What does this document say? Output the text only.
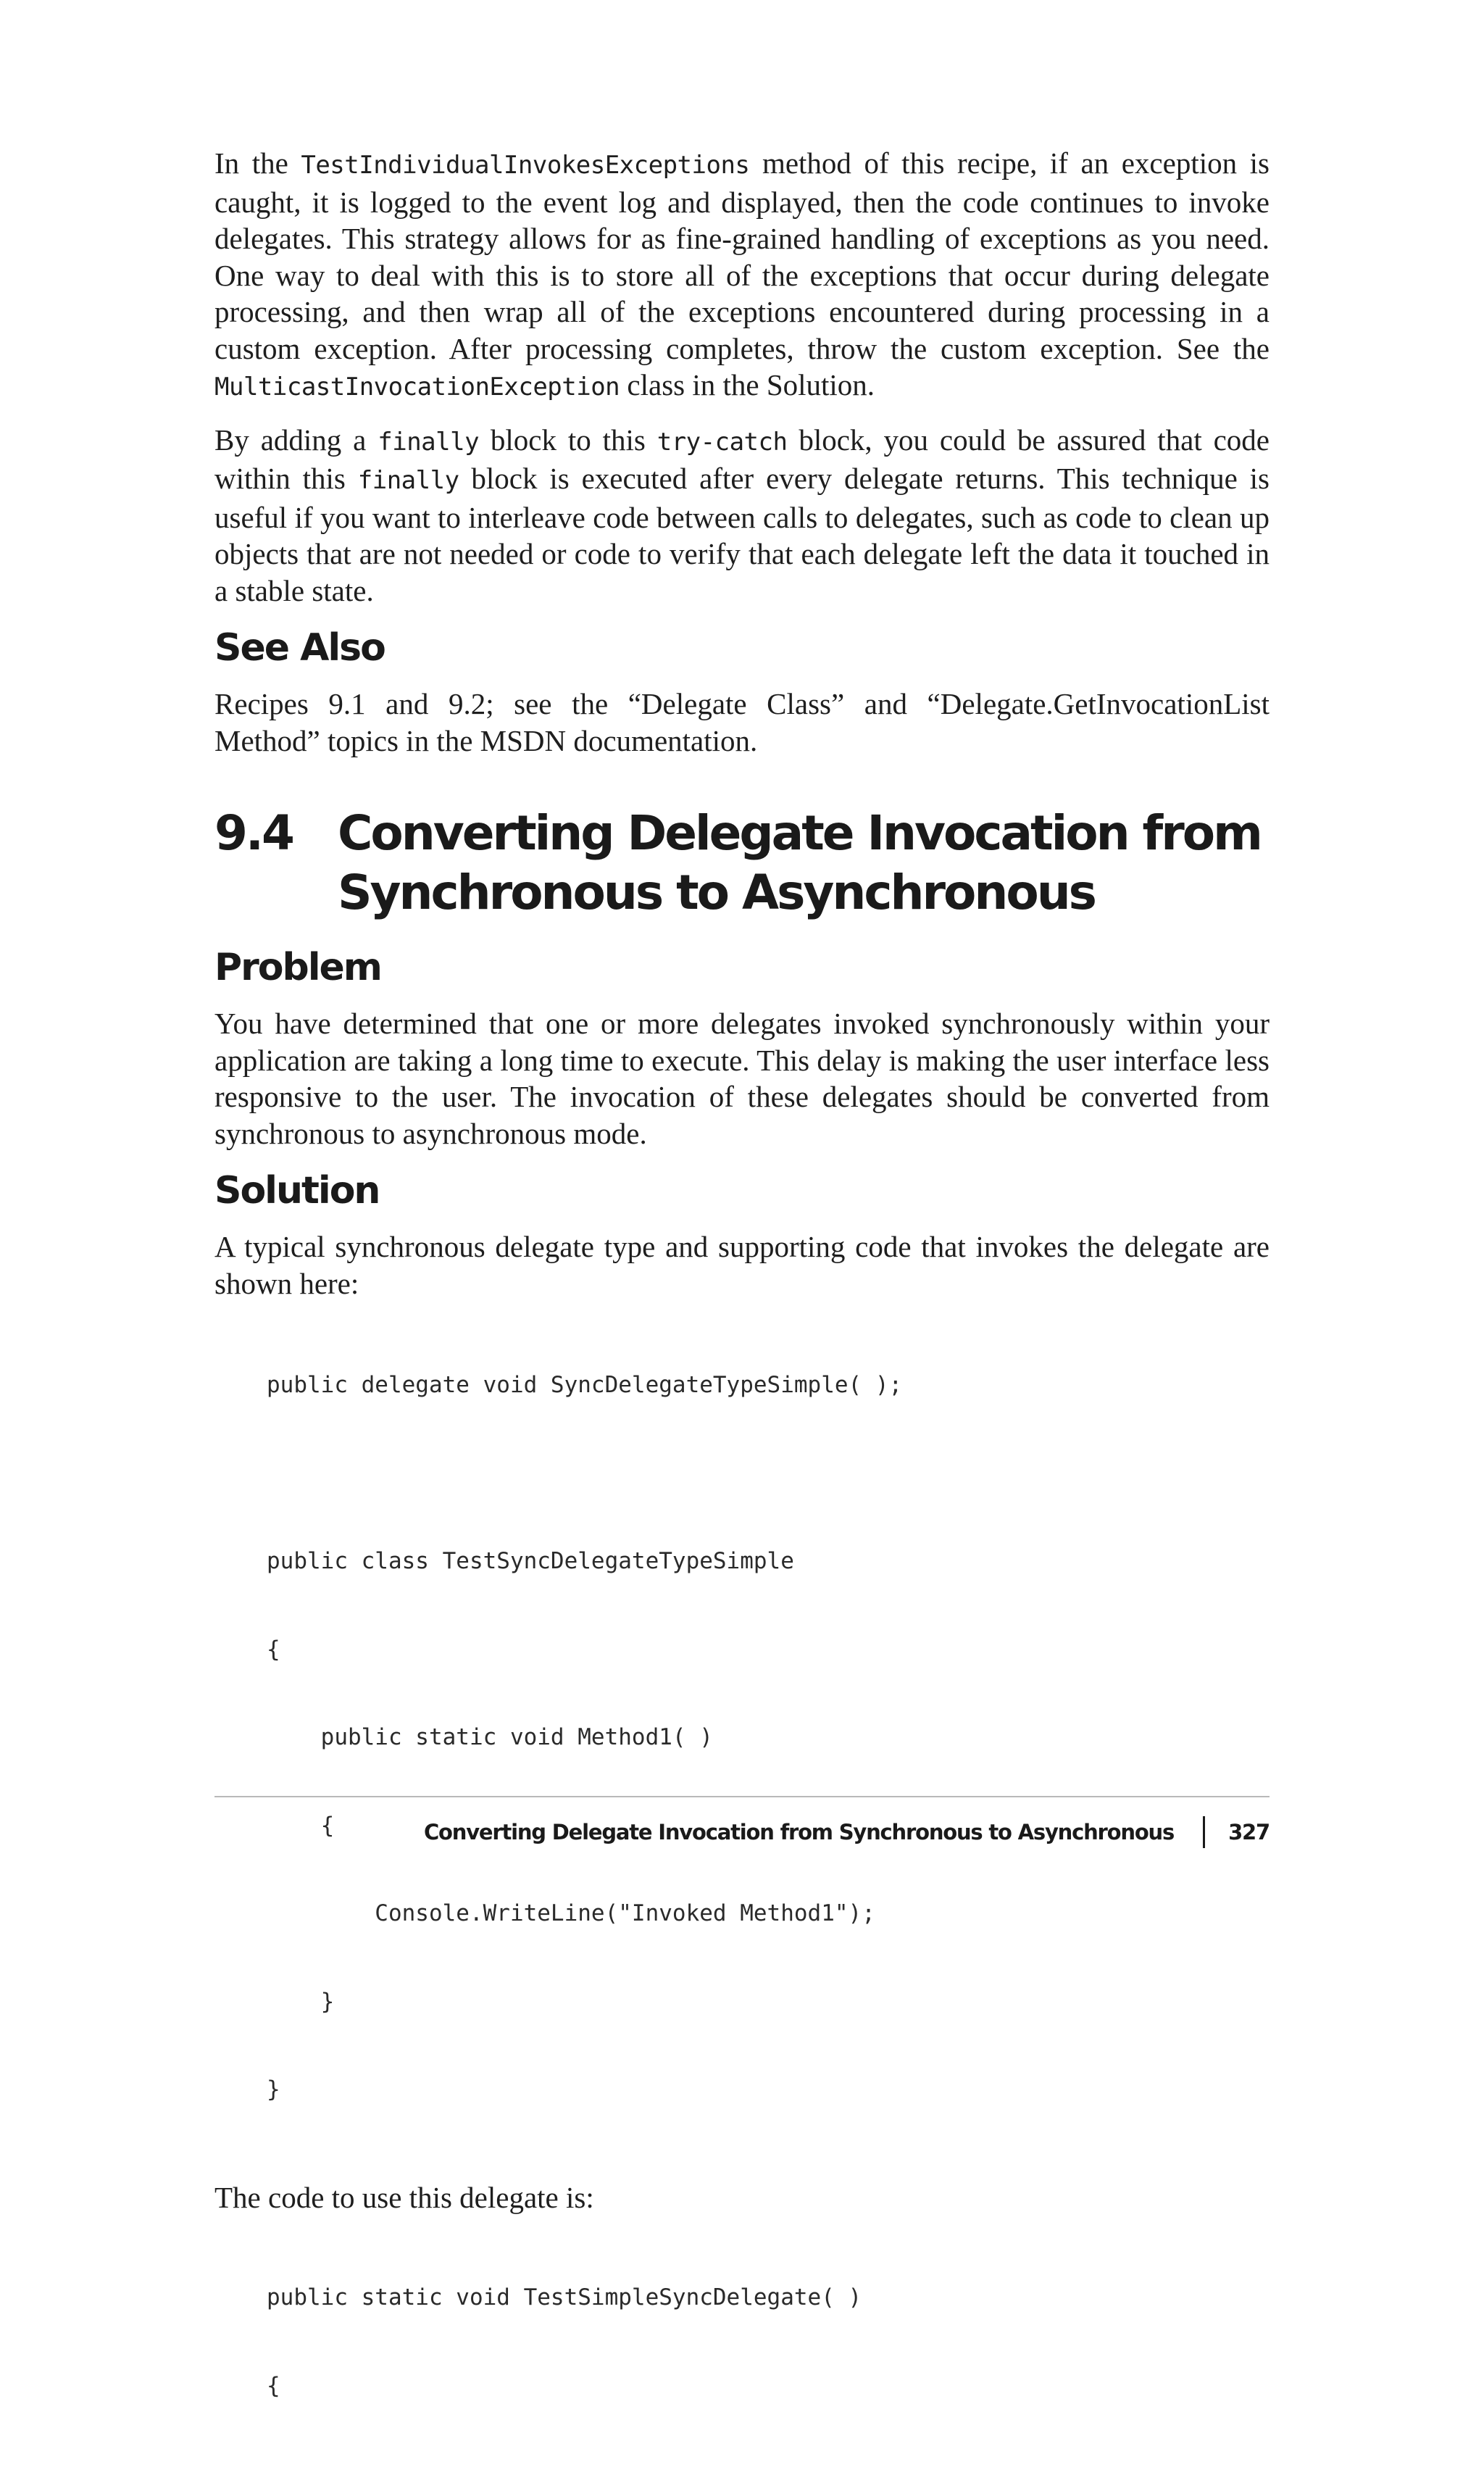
In the TestIndividualInvokesExceptions method of this recipe, if an exception is caught, it is logged to the event log and displayed, then the code continues to invoke delegates. This strategy allows for as fine-grained handling of exceptions as you need. One way to deal with this is to store all of the exceptions that occur during delegate processing, and then wrap all of the exceptions encountered during processing in a custom exception. After processing completes, throw the custom exception. See the MulticastInvocationException class in the Solution.

By adding a finally block to this try-catch block, you could be assured that code within this finally block is executed after every delegate returns. This technique is useful if you want to interleave code between calls to delegates, such as code to clean up objects that are not needed or code to verify that each delegate left the data it touched in a stable state.

See Also

Recipes 9.1 and 9.2; see the “Delegate Class” and “Delegate.GetInvocationList Method” topics in the MSDN documentation.

9.4 Converting Delegate Invocation from
Synchronous to Asynchronous
Problem

You have determined that one or more delegates invoked synchronously within your application are taking a long time to execute. This delay is making the user interface less responsive to the user. The invocation of these delegates should be converted from synchronous to asynchronous mode.

Solution

A typical synchronous delegate type and supporting code that invokes the delegate are shown here:

public delegate void SyncDelegateTypeSimple( );

public class TestSyncDelegateTypeSimple

{

public static void Method1( )

{

Console.WriteLine("Invoked Method1");

}

}

The code to use this delegate is:

public static void TestSimpleSyncDelegate( )

{

Converting Delegate Invocation from Synchronous to Asynchronous	327
